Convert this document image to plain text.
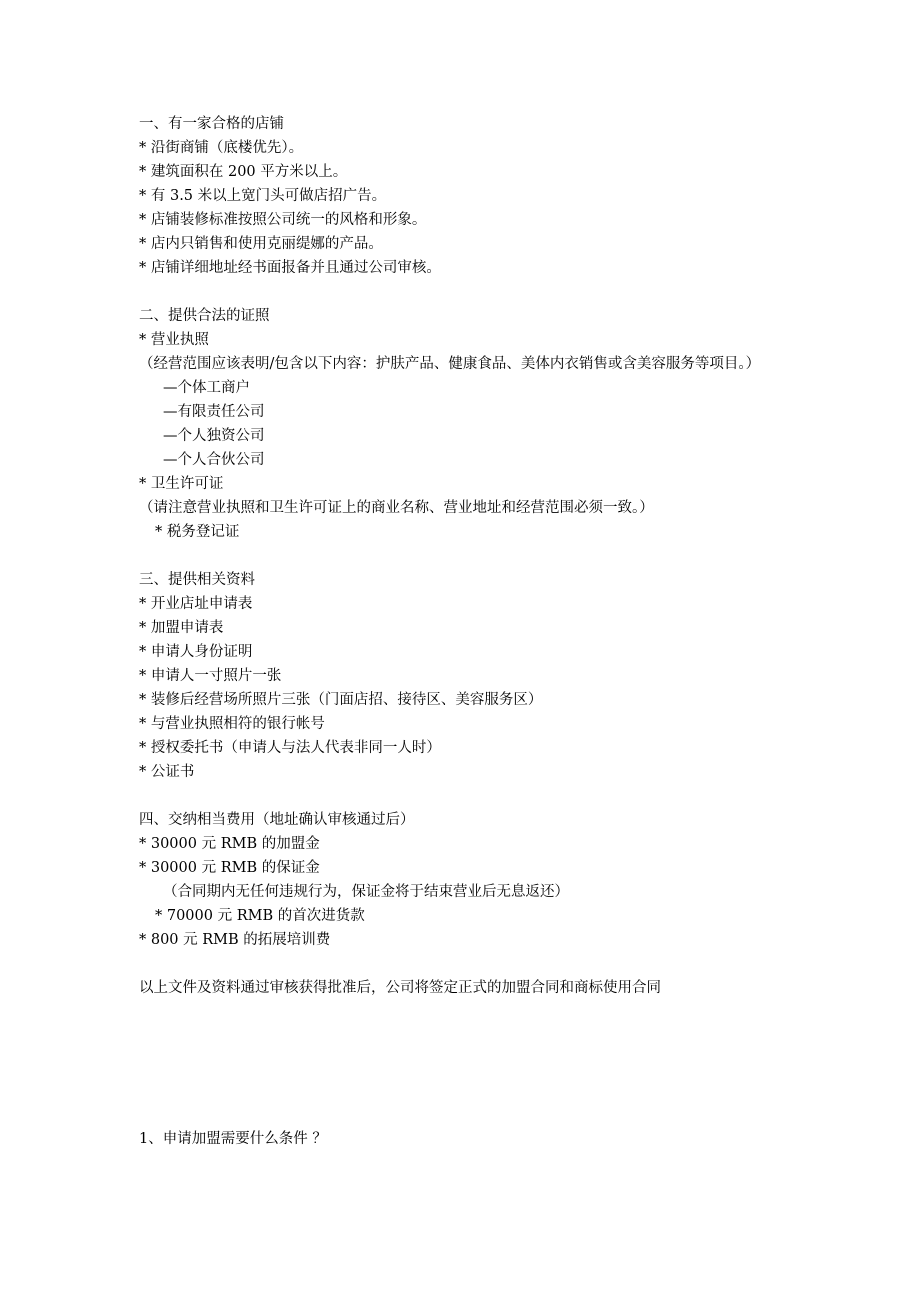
一、有一家合格的店铺
* 沿街商铺（底楼优先）。
* 建筑面积在 200 平方米以上。
* 有 3.5 米以上宽门头可做店招广告。
* 店铺装修标准按照公司统一的风格和形象。
* 店内只销售和使用克丽缇娜的产品。
* 店铺详细地址经书面报备并且通过公司审核。
二、提供合法的证照
* 营业执照
（经营范围应该表明/包含以下内容：护肤产品、健康食品、美体内衣销售或含美容服务等项目。）
—个体工商户
—有限责任公司
—个人独资公司
—个人合伙公司
* 卫生许可证
（请注意营业执照和卫生许可证上的商业名称、营业地址和经营范围必须一致。）
* 税务登记证
三、提供相关资料
* 开业店址申请表
* 加盟申请表
* 申请人身份证明
* 申请人一寸照片一张
* 装修后经营场所照片三张（门面店招、接待区、美容服务区）
* 与营业执照相符的银行帐号
* 授权委托书（申请人与法人代表非同一人时）
* 公证书
四、交纳相当费用（地址确认审核通过后）
* 30000 元 RMB 的加盟金
* 30000 元 RMB 的保证金
（合同期内无任何违规行为，保证金将于结束营业后无息返还）
* 70000 元 RMB 的首次进货款
* 800 元 RMB 的拓展培训费
以上文件及资料通过审核获得批准后，公司将签定正式的加盟合同和商标使用合同
1、申请加盟需要什么条件 ？
